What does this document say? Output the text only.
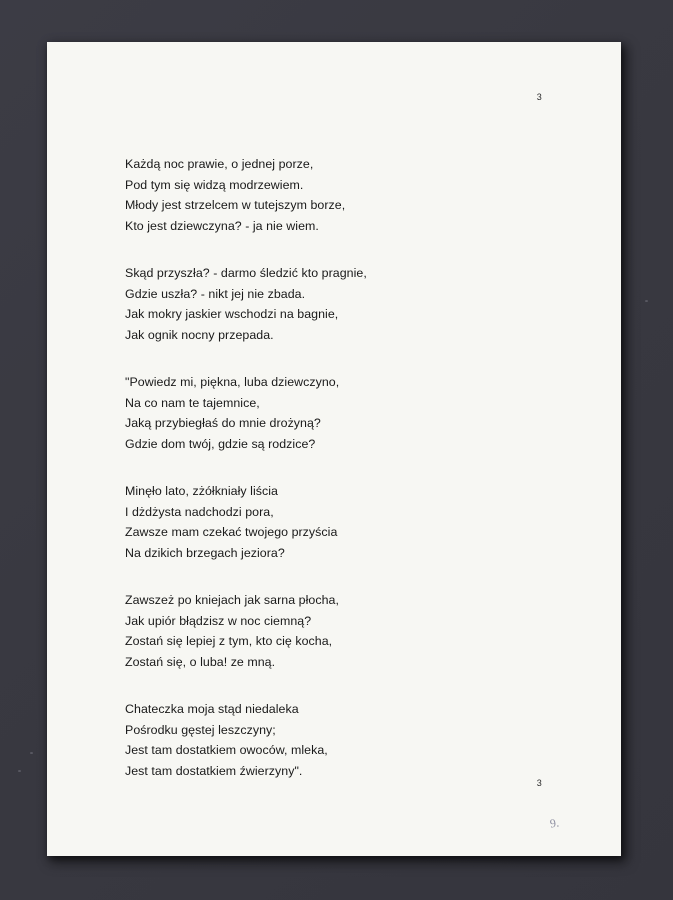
3
Każdą noc prawie, o jednej porze,
Pod tym się widzą modrzewiem.
Młody jest strzelcem w tutejszym borze,
Kto jest dziewczyna? - ja nie wiem.
Skąd przyszła? - darmo śledzić kto pragnie,
Gdzie uszła? - nikt jej nie zbada.
Jak mokry jaskier wschodzi na bagnie,
Jak ognik nocny przepada.
"Powiedz mi, piękna, luba dziewczyno,
Na co nam te tajemnice,
Jaką przybiegłaś do mnie drożyną?
Gdzie dom twój, gdzie są rodzice?
Minęło lato, zżółkniały liścia
I dżdżysta nadchodzi pora,
Zawsze mam czekać twojego przyścia
Na dzikich brzegach jeziora?
Zawszeż po kniejach jak sarna płocha,
Jak upiór błądzisz w noc ciemną?
Zostań się lepiej z tym, kto cię kocha,
Zostań się, o luba! ze mną.
Chateczka moja stąd niedaleka
Pośrodku gęstej leszczyny;
Jest tam dostatkiem owoców, mleka,
Jest tam dostatkiem źwierzyny".
3
9.
